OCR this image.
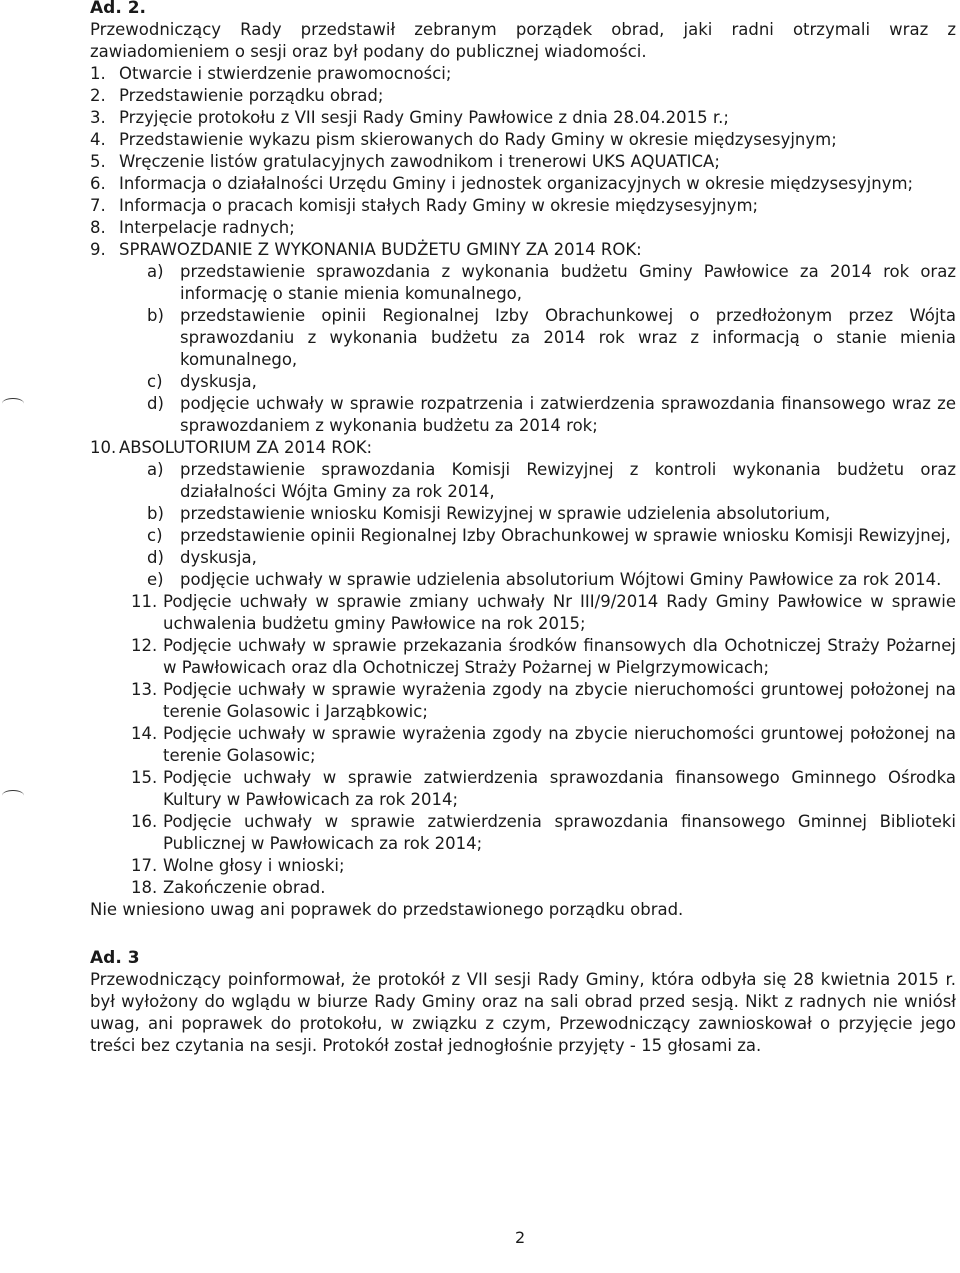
Ad. 2.
Przewodniczący Rady przedstawił zebranym porządek obrad, jaki radni otrzymali wraz z zawiadomieniem o sesji oraz był podany do publicznej wiadomości.
1. Otwarcie i stwierdzenie prawomocności;
2. Przedstawienie porządku obrad;
3. Przyjęcie protokołu z VII sesji Rady Gminy Pawłowice z dnia 28.04.2015 r.;
4. Przedstawienie wykazu pism skierowanych do Rady Gminy w okresie międzysesyjnym;
5. Wręczenie listów gratulacyjnych zawodnikom i trenerowi UKS AQUATICA;
6. Informacja o działalności Urzędu Gminy i jednostek organizacyjnych w okresie międzysesyjnym;
7. Informacja o pracach komisji stałych Rady Gminy w okresie międzysesyjnym;
8. Interpelacje radnych;
9. SPRAWOZDANIE Z WYKONANIA BUDŻETU GMINY ZA 2014 ROK:
a) przedstawienie sprawozdania z wykonania budżetu Gminy Pawłowice za 2014 rok oraz informację o stanie mienia komunalnego,
b) przedstawienie opinii Regionalnej Izby Obrachunkowej o przedłożonym przez Wójta sprawozdaniu z wykonania budżetu za 2014 rok wraz z informacją o stanie mienia komunalnego,
c)	dyskusja,
d) podjęcie uchwały w sprawie rozpatrzenia i zatwierdzenia sprawozdania finansowego wraz ze sprawozdaniem z wykonania budżetu za 2014 rok;
10. ABSOLUTORIUM ZA 2014 ROK:
a) przedstawienie sprawozdania Komisji Rewizyjnej z kontroli wykonania budżetu oraz działalności Wójta Gminy za rok 2014,
b) przedstawienie wniosku Komisji Rewizyjnej w sprawie udzielenia absolutorium,
c)	przedstawienie opinii Regionalnej Izby Obrachunkowej w sprawie wniosku Komisji Rewizyjnej,
d) dyskusja,
e) podjęcie uchwały w sprawie udzielenia absolutorium Wójtowi Gminy Pawłowice za rok 2014.
11. Podjęcie uchwały w sprawie zmiany uchwały Nr III/9/2014 Rady Gminy Pawłowice w sprawie uchwalenia budżetu gminy Pawłowice na rok 2015;
12. Podjęcie uchwały w sprawie przekazania środków finansowych dla Ochotniczej Straży Pożarnej w Pawłowicach oraz dla Ochotniczej Straży Pożarnej w Pielgrzymowicach;
13. Podjęcie uchwały w sprawie wyrażenia zgody na zbycie nieruchomości gruntowej położonej na terenie Golasowic i Jarząbkowic;
14. Podjęcie uchwały w sprawie wyrażenia zgody na zbycie nieruchomości gruntowej położonej na terenie Golasowic;
15. Podjęcie uchwały w sprawie zatwierdzenia sprawozdania finansowego Gminnego Ośrodka Kultury w Pawłowicach za rok 2014;
16. Podjęcie uchwały w sprawie zatwierdzenia sprawozdania finansowego Gminnej Biblioteki Publicznej w Pawłowicach za rok 2014;
17. Wolne głosy i wnioski;
18. Zakończenie obrad.
Nie wniesiono uwag ani poprawek do przedstawionego porządku obrad.
Ad. 3
Przewodniczący poinformował, że protokół z VII sesji Rady Gminy, która odbyła się 28 kwietnia 2015 r. był wyłożony do wglądu w biurze Rady Gminy oraz na sali obrad przed sesją. Nikt z radnych nie wniósł uwag, ani poprawek do protokołu, w związku z czym, Przewodniczący zawnioskował o przyjęcie jego treści bez czytania na sesji. Protokół został jednogłośnie przyjęty - 15 głosami za.
2
